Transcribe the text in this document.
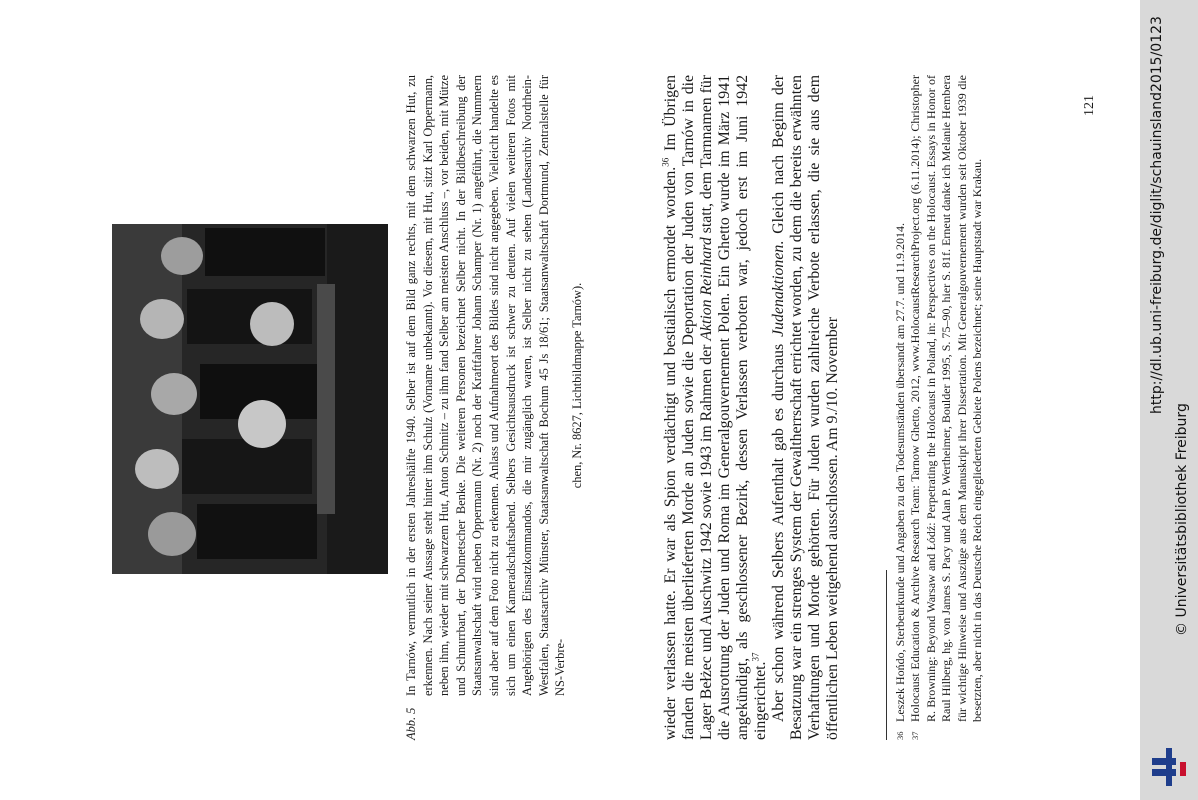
Abb. 5
In Tarnów, vermutlich in der ersten Jahreshälfte 1940. Selber ist auf dem Bild ganz rechts, mit dem schwarzen Hut, zu erkennen. Nach seiner Aussage steht hinter ihm Schulz (Vorname unbekannt). Vor diesem, mit Hut, sitzt Karl Oppermann, neben ihm, wieder mit schwarzem Hut, Anton Schmitz – zu ihm fand Selber am meisten Anschluss –, vor beiden, mit Mütze und Schnurrbart, der Dolmetscher Benke. Die weiteren Personen bezeichnet Selber nicht. In der Bildbeschreibung der Staatsanwaltschaft wird neben Oppermann (Nr. 2) noch der Kraftfahrer Johann Schamper (Nr. 1) angeführt, die Nummern sind aber auf dem Foto nicht zu erkennen. Anlass und Aufnahmeort des Bildes sind nicht angegeben. Vielleicht handelte es sich um einen Kameradschaftsabend. Selbers Gesichtsausdruck ist schwer zu deuten. Auf vielen weiteren Fotos mit Angehörigen des Einsatzkommandos, die mir zugänglich waren, ist Selber nicht zu sehen (Landesarchiv Nordrhein-Westfalen, Staatsarchiv Münster, Staatsanwaltschaft Bochum 45 Js 18/61; Staatsanwaltschaft Dortmund, Zentralstelle für NS-Verbre-
chen, Nr. 8627, Lichtbildmappe Tarnów).	wieder verlassen hatte. Er war als Spion verdächtigt und bestialisch ermordet worden.$^{36}$ Im Übrigen fanden die meisten überlieferten Morde an Juden sowie die Deportation der Juden von Tarnów in die Lager Bełżec und Auschwitz 1942 sowie 1943 im Rahmen der Aktion Reinhard statt, dem Tarnnamen für die Ausrottung der Juden und Roma im Generalgouvernement Polen. Ein Ghetto wurde im März 1941 angekündigt, als geschlossener Bezirk, dessen Verlassen verboten war, jedoch erst im Juni 1942 eingerichtet.$^{37}$ Aber schon während Selbers Aufenthalt gab es durchaus Judenaktionen. Gleich nach Beginn der Besatzung war ein strenges System der Gewaltherrschaft errichtet worden, zu dem die bereits erwähnten Verhaftungen und Morde gehörten. Für Juden wurden zahlreiche Verbote erlassen, die sie aus dem öffentlichen Leben weitgehend ausschlossen. Am 9./10. November	36
Leszek Hońdo, Sterbeurkunde und Angaben zu den Todesumständen übersandt am 27.7. und 11.9.2014.

37
Holocaust Education & Archive Research Team: Tarnow Ghetto, 2012, www.HolocaustResearchProject.org (6.11.2014); Christopher R. Browning: Beyond Warsaw and Łódź: Perpetrating the Holocaust in Poland, in: Perspectives on the Holocaust. Essays in Honor of Raul Hilberg, hg. von James S. Pacy und Alan P. Wertheimer, Boulder 1995, S. 75–90, hier S. 81f. Erneut danke ich Melanie Hembera für wichtige Hinweise und Auszüge aus dem Manuskript ihrer Dissertation. Mit Generalgouvernement wurden seit Oktober 1939 die besetzten, aber nicht in das Deutsche Reich eingegliederten Gebiete Polens bezeichnet; seine Hauptstadt war Krakau.

121	http://dl.ub.uni-freiburg.de/diglit/schauinsland2015/0123
© Universitätsbibliothek Freiburg
